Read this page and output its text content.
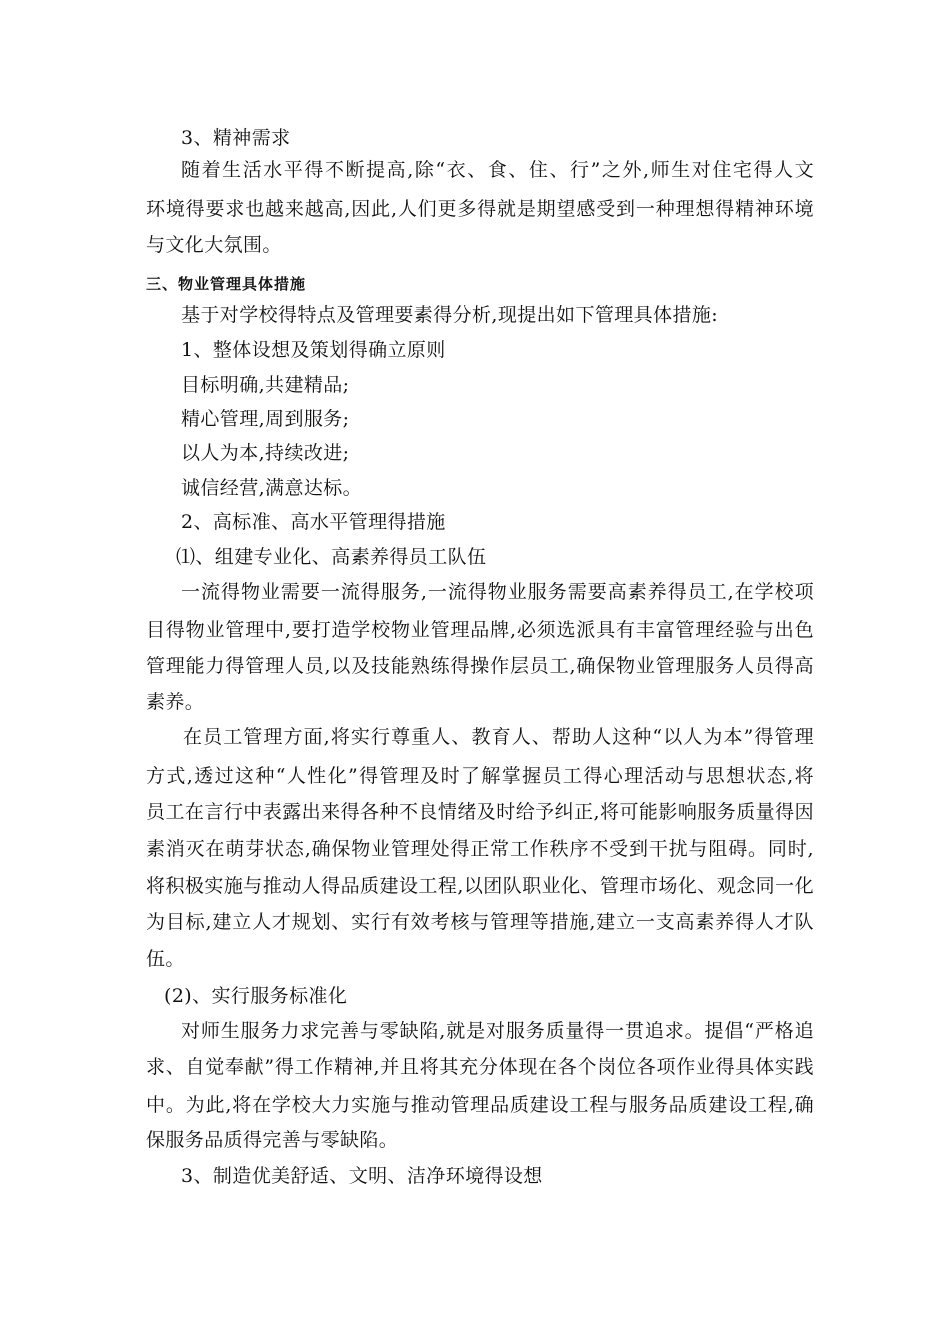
3、精神需求
随着生活水平得不断提高,除“衣、食、住、行”之外,师生对住宅得人文
环境得要求也越来越高,因此,人们更多得就是期望感受到一种理想得精神环境
与文化大氛围。
三、物业管理具体措施
基于对学校得特点及管理要素得分析,现提出如下管理具体措施:
1、整体设想及策划得确立原则
目标明确,共建精品;
精心管理,周到服务;
以人为本,持续改进;
诚信经营,满意达标。
2、高标准、高水平管理得措施
⑴、组建专业化、高素养得员工队伍
一流得物业需要一流得服务,一流得物业服务需要高素养得员工,在学校项
目得物业管理中,要打造学校物业管理品牌,必须选派具有丰富管理经验与出色
管理能力得管理人员,以及技能熟练得操作层员工,确保物业管理服务人员得高
素养。
在员工管理方面,将实行尊重人、教育人、帮助人这种“以人为本”得管理
方式,透过这种“人性化”得管理及时了解掌握员工得心理活动与思想状态,将
员工在言行中表露出来得各种不良情绪及时给予纠正,将可能影响服务质量得因
素消灭在萌芽状态,确保物业管理处得正常工作秩序不受到干扰与阻碍。同时,
将积极实施与推动人得品质建设工程,以团队职业化、管理市场化、观念同一化
为目标,建立人才规划、实行有效考核与管理等措施,建立一支高素养得人才队
伍。
(2)、实行服务标准化
对师生服务力求完善与零缺陷,就是对服务质量得一贯追求。提倡“严格追
求、自觉奉献”得工作精神,并且将其充分体现在各个岗位各项作业得具体实践
中。为此,将在学校大力实施与推动管理品质建设工程与服务品质建设工程,确
保服务品质得完善与零缺陷。
3、制造优美舒适、文明、洁净环境得设想
